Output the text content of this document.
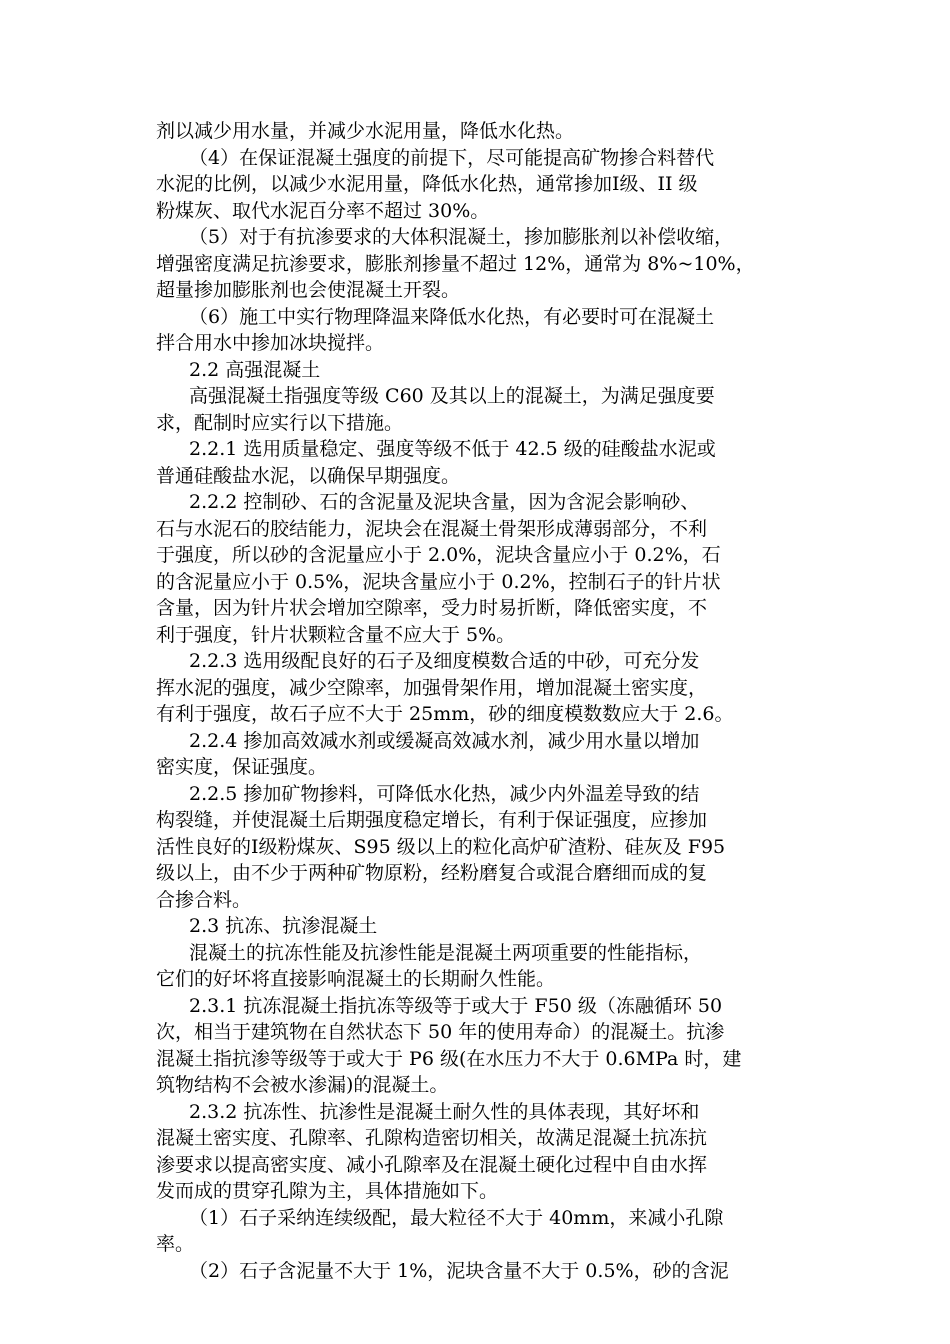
剂以减少用水量，并减少水泥用量，降低水化热。
（4）在保证混凝土强度的前提下，尽可能提高矿物掺合料替代
水泥的比例，以减少水泥用量，降低水化热，通常掺加Ⅰ级、II 级
粉煤灰、取代水泥百分率不超过 30%。
（5）对于有抗渗要求的大体积混凝土，掺加膨胀剂以补偿收缩，
增强密度满足抗渗要求，膨胀剂掺量不超过 12%，通常为 8%~10%，
超量掺加膨胀剂也会使混凝土开裂。
（6）施工中实行物理降温来降低水化热，有必要时可在混凝土
拌合用水中掺加冰块搅拌。
2.2 高强混凝土
高强混凝土指强度等级 C60 及其以上的混凝土，为满足强度要
求，配制时应实行以下措施。
2.2.1 选用质量稳定、强度等级不低于 42.5 级的硅酸盐水泥或
普通硅酸盐水泥，以确保早期强度。
2.2.2 控制砂、石的含泥量及泥块含量，因为含泥会影响砂、
石与水泥石的胶结能力，泥块会在混凝土骨架形成薄弱部分，不利
于强度，所以砂的含泥量应小于 2.0%，泥块含量应小于 0.2%，石
的含泥量应小于 0.5%，泥块含量应小于 0.2%，控制石子的针片状
含量，因为针片状会增加空隙率，受力时易折断，降低密实度，不
利于强度，针片状颗粒含量不应大于 5%。
2.2.3 选用级配良好的石子及细度模数合适的中砂，可充分发
挥水泥的强度，减少空隙率，加强骨架作用，增加混凝土密实度，
有利于强度，故石子应不大于 25mm，砂的细度模数数应大于 2.6。
2.2.4 掺加高效减水剂或缓凝高效减水剂，减少用水量以增加
密实度，保证强度。
2.2.5 掺加矿物掺料，可降低水化热，减少内外温差导致的结
构裂缝，并使混凝土后期强度稳定增长，有利于保证强度，应掺加
活性良好的Ⅰ级粉煤灰、S95 级以上的粒化高炉矿渣粉、硅灰及 F95
级以上，由不少于两种矿物原粉，经粉磨复合或混合磨细而成的复
合掺合料。
2.3 抗冻、抗渗混凝土
混凝土的抗冻性能及抗渗性能是混凝土两项重要的性能指标，
它们的好坏将直接影响混凝土的长期耐久性能。
2.3.1 抗冻混凝土指抗冻等级等于或大于 F50 级（冻融循环 50
次，相当于建筑物在自然状态下 50 年的使用寿命）的混凝土。抗渗
混凝土指抗渗等级等于或大于 P6 级(在水压力不大于 0.6MPa 时，建
筑物结构不会被水渗漏)的混凝土。
2.3.2 抗冻性、抗渗性是混凝土耐久性的具体表现，其好坏和
混凝土密实度、孔隙率、孔隙构造密切相关，故满足混凝土抗冻抗
渗要求以提高密实度、减小孔隙率及在混凝土硬化过程中自由水挥
发而成的贯穿孔隙为主，具体措施如下。
（1）石子采纳连续级配，最大粒径不大于 40mm，来减小孔隙
率。
（2）石子含泥量不大于 1%，泥块含量不大于 0.5%，砂的含泥
